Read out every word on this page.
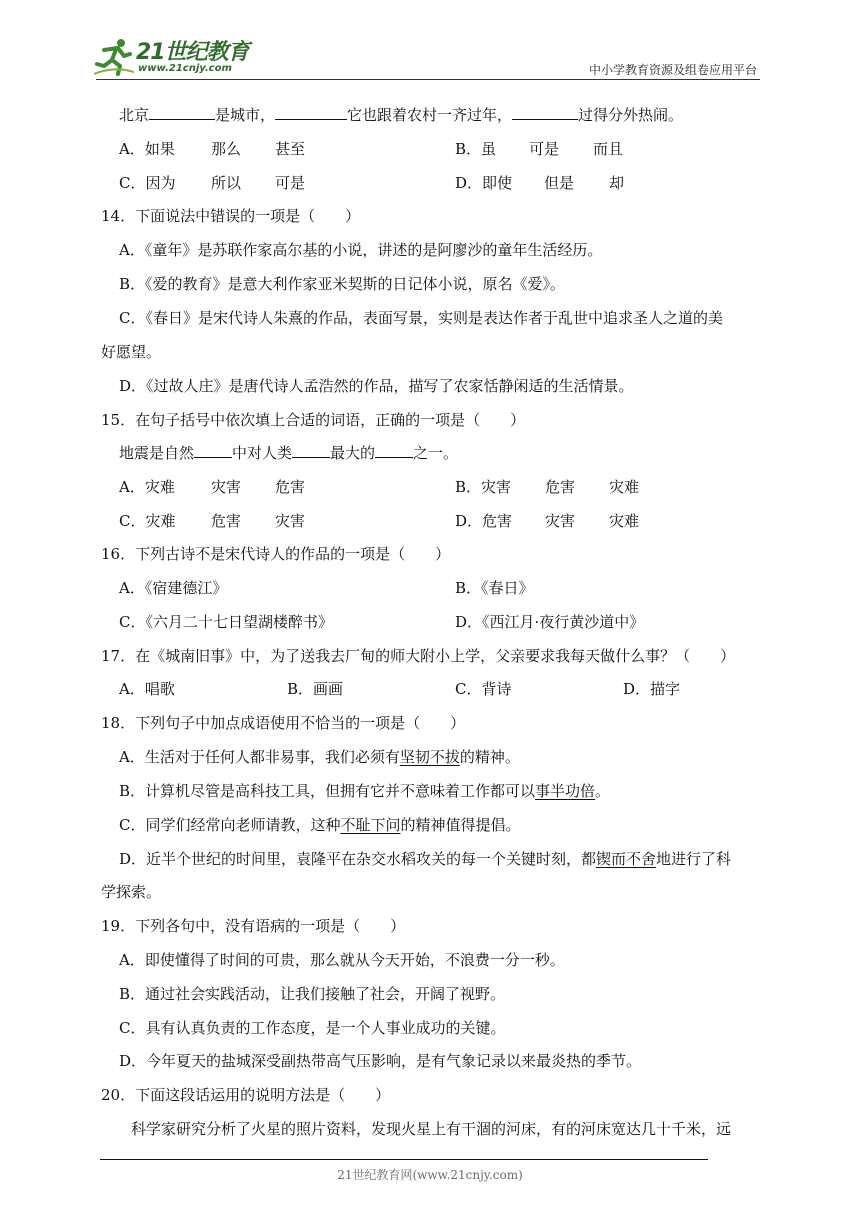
21世纪教育
www.21cnjy.com	中小学教育资源及组卷应用平台
北京	是城市，	它也跟着农村一齐过年，	过得分外热闹。
A．如果 那么 甚至	B．虽 可是 而且
C．因为 所以 可是	D．即使 但是 却
14．下面说法中错误的一项是（　　）
A．《童年》是苏联作家高尔基的小说，讲述的是阿廖沙的童年生活经历。
B．《爱的教育》是意大利作家亚米契斯的日记体小说，原名《爱》。
C．《春日》是宋代诗人朱熹的作品，表面写景，实则是表达作者于乱世中追求圣人之道的美
好愿望。
D．《过故人庄》是唐代诗人孟浩然的作品，描写了农家恬静闲适的生活情景。
15．在句子括号中依次填上合适的词语，正确的一项是（　　）
地震是自然	中对人类	最大的	之一。
A．灾难 灾害 危害	B．灾害 危害 灾难
C．灾难 危害 灾害	D．危害 灾害 灾难
16．下列古诗不是宋代诗人的作品的一项是（　　）
A．《宿建德江》	B．《春日》
C．《六月二十七日望湖楼醉书》	D．《西江月·夜行黄沙道中》
17．在《城南旧事》中，为了送我去厂甸的师大附小上学，父亲要求我每天做什么事？（　　）
A．唱歌	B．画画	C．背诗	D．描字
18．下列句子中加点成语使用不恰当的一项是（　　）
A．生活对于任何人都非易事，我们必须有坚韧不拔的精神。
B．计算机尽管是高科技工具，但拥有它并不意味着工作都可以事半功倍。
C．同学们经常向老师请教，这种不耻下问的精神值得提倡。
D．近半个世纪的时间里，袁隆平在杂交水稻攻关的每一个关键时刻，都锲而不舍地进行了科
学探索。
19．下列各句中，没有语病的一项是（　　）
A．即使懂得了时间的可贵，那么就从今天开始，不浪费一分一秒。
B．通过社会实践活动，让我们接触了社会，开阔了视野。
C．具有认真负责的工作态度，是一个人事业成功的关键。
D．今年夏天的盐城深受副热带高气压影响，是有气象记录以来最炎热的季节。
20．下面这段话运用的说明方法是（　　）
科学家研究分析了火星的照片资料，发现火星上有干涸的河床，有的河床宽达几十千米，远
21世纪教育网(www.21cnjy.com)
